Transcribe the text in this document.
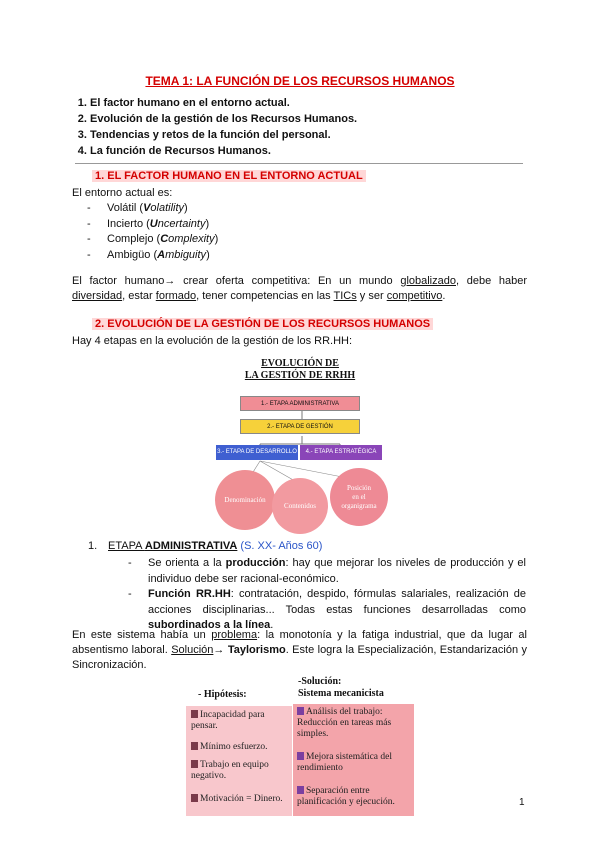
TEMA 1: LA FUNCIÓN DE LOS RECURSOS HUMANOS
1. El factor humano en el entorno actual.
2. Evolución de la gestión de los Recursos Humanos.
3. Tendencias y retos de la función del personal.
4. La función de Recursos Humanos.
1. EL FACTOR HUMANO EN EL ENTORNO ACTUAL
El entorno actual es:
- Volátil (Volatility)
- Incierto (Uncertainty)
- Complejo (Complexity)
- Ambigüo (Ambiguity)
El factor humano→ crear oferta competitiva: En un mundo globalizado, debe haber diversidad, estar formado, tener competencias en las TICs y ser competitivo.
2. EVOLUCIÓN DE LA GESTIÓN DE LOS RECURSOS HUMANOS
Hay 4 etapas en la evolución de la gestión de los RR.HH:
EVOLUCIÓN DE
LA GESTIÓN DE RRHH
1.- ETAPA ADMINISTRATIVA
2.- ETAPA DE GESTIÓN
3.- ETAPA DE DESARROLLO	4.- ETAPA ESTRATÉGICA
Denominación
Contenidos
Posición
en el
organigrama
1. ETAPA ADMINISTRATIVA (S. XX- Años 60)
- Se orienta a la producción: hay que mejorar los niveles de producción y el individuo debe ser racional-económico.
- Función RR.HH: contratación, despido, fórmulas salariales, realización de acciones disciplinarias... Todas estas funciones desarrolladas como subordinados a la línea.
En este sistema había un problema: la monotonía y la fatiga industrial, que da lugar al absentismo laboral. Solución→ Taylorismo. Este logra la Especialización, Estandarización y Sincronización.
- Hipótesis:
-Solución:
Sistema mecanicista
Incapacidad para pensar.
Mínimo esfuerzo.
Trabajo en equipo negativo.
Motivación = Dinero.
Análisis del trabajo: Reducción en tareas más simples.
Mejora sistemática del rendimiento
Separación entre planificación y ejecución.	1
